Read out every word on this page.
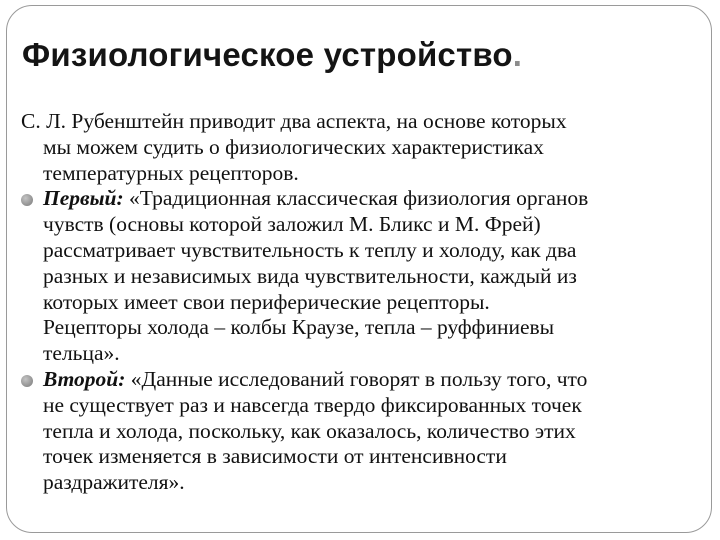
Физиологическое устройство.
С. Л. Рубенштейн приводит два аспекта, на основе которых
мы можем судить о физиологических характеристиках
температурных рецепторов.
Первый: «Традиционная классическая физиология органов
чувств (основы которой заложил М. Бликс и М. Фрей)
рассматривает чувствительность к теплу и холоду, как два
разных и независимых вида чувствительности, каждый из
которых имеет свои периферические рецепторы.
Рецепторы холода – колбы Краузе, тепла – руффиниевы
тельца».
Второй: «Данные исследований говорят в пользу того, что
не существует раз и навсегда твердо фиксированных точек
тепла и холода, поскольку, как оказалось, количество этих
точек изменяется в зависимости от интенсивности
раздражителя».
